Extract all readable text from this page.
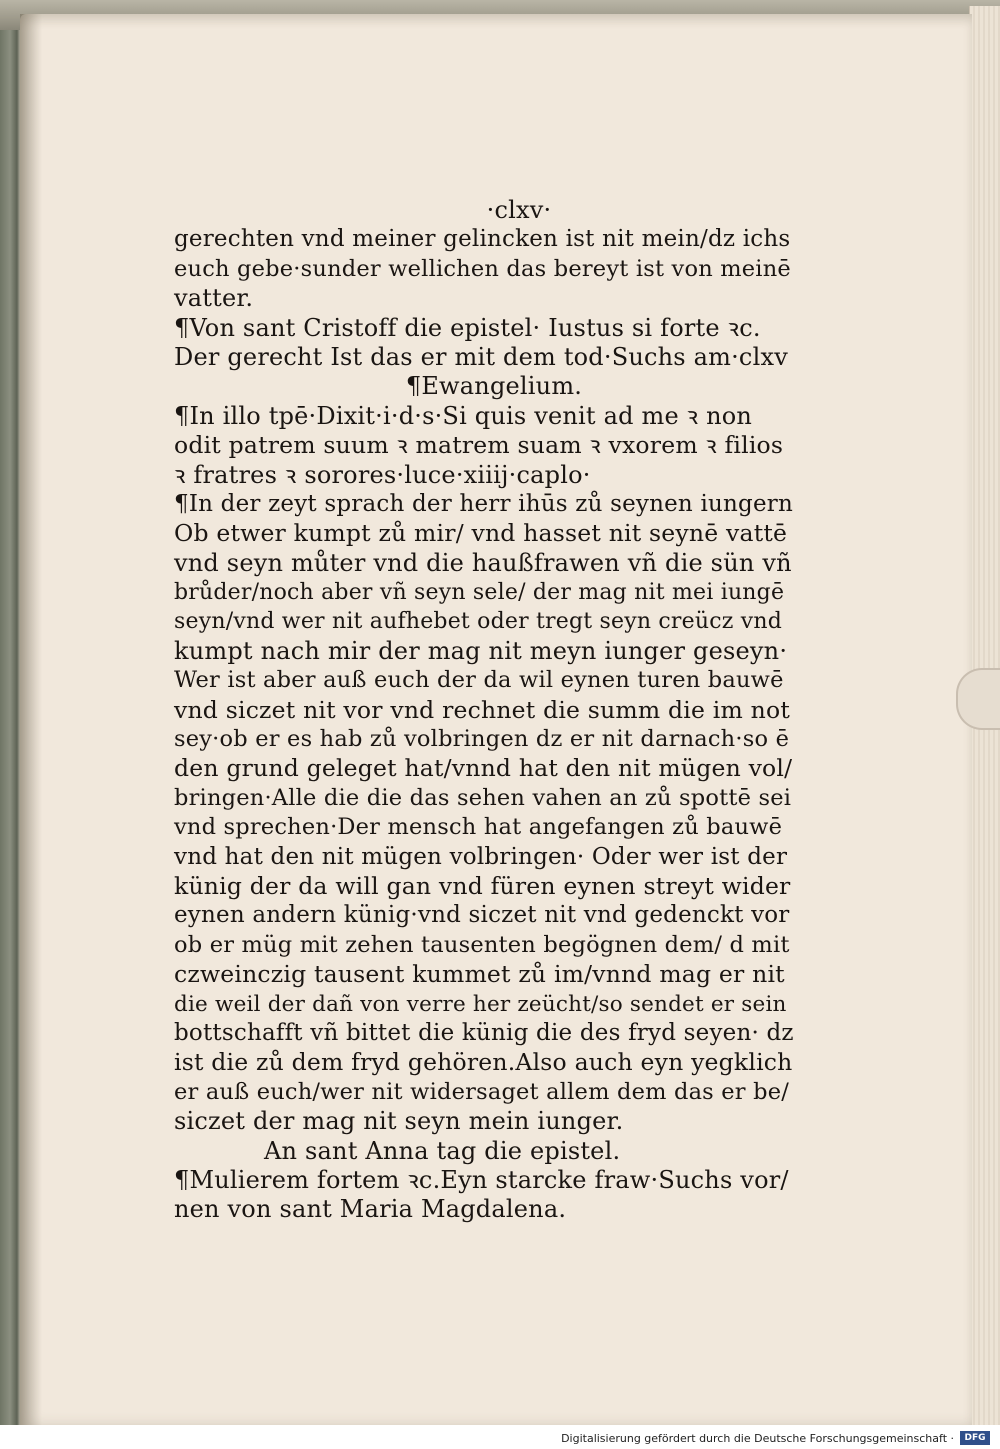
·clxv·
gerechten vnd meiner gelincken ist nit mein/dz ichs
euch gebe·sunder wellichen das bereyt ist von meinē
vatter.
¶Von sant Cristoff die epistel· Iustus si forte ꝛc.
Der gerecht Ist das er mit dem tod·Suchs am·clxv
¶Ewangelium.
¶In illo tpē·Dixit·i·d·s·Si quis venit ad me ꝛ non
odit patrem suum ꝛ matrem suam ꝛ vxorem ꝛ filios
ꝛ fratres ꝛ sorores·luce·xiiij·caplo·
¶In der zeyt sprach der herr ihūs zů seynen iungern
Ob etwer kumpt zů mir/ vnd hasset nit seynē vattē
vnd seyn můter vnd die haußfrawen vñ die sün vñ
brůder/noch aber vñ seyn sele/ der mag nit mei iungē
seyn/vnd wer nit aufhebet oder tregt seyn creücz vnd
kumpt nach mir der mag nit meyn iunger geseyn·
Wer ist aber auß euch der da wil eynen turen bauwē
vnd siczet nit vor vnd rechnet die summ die im not
sey·ob er es hab zů volbringen dz er nit darnach·so ē
den grund geleget hat/vnnd hat den nit mügen vol/
bringen·Alle die die das sehen vahen an zů spottē sei
vnd sprechen·Der mensch hat angefangen zů bauwē
vnd hat den nit mügen volbringen· Oder wer ist der
künig der da will gan vnd füren eynen streyt wider
eynen andern künig·vnd siczet nit vnd gedenckt vor
ob er müg mit zehen tausenten begögnen dem/ d mit
czweinczig tausent kummet zů im/vnnd mag er nit
die weil der dañ von verre her zeücht/so sendet er sein
bottschafft vñ bittet die künig die des fryd seyen· dz
ist die zů dem fryd gehören.Also auch eyn yegklich
er auß euch/wer nit widersaget allem dem das er be/
siczet der mag nit seyn mein iunger.
An sant Anna tag die epistel.
¶Mulierem fortem ꝛc.Eyn starcke fraw·Suchs vor/
nen von sant Maria Magdalena.
Digitalisierung gefördert durch die Deutsche Forschungsgemeinschaft ·	DFG
